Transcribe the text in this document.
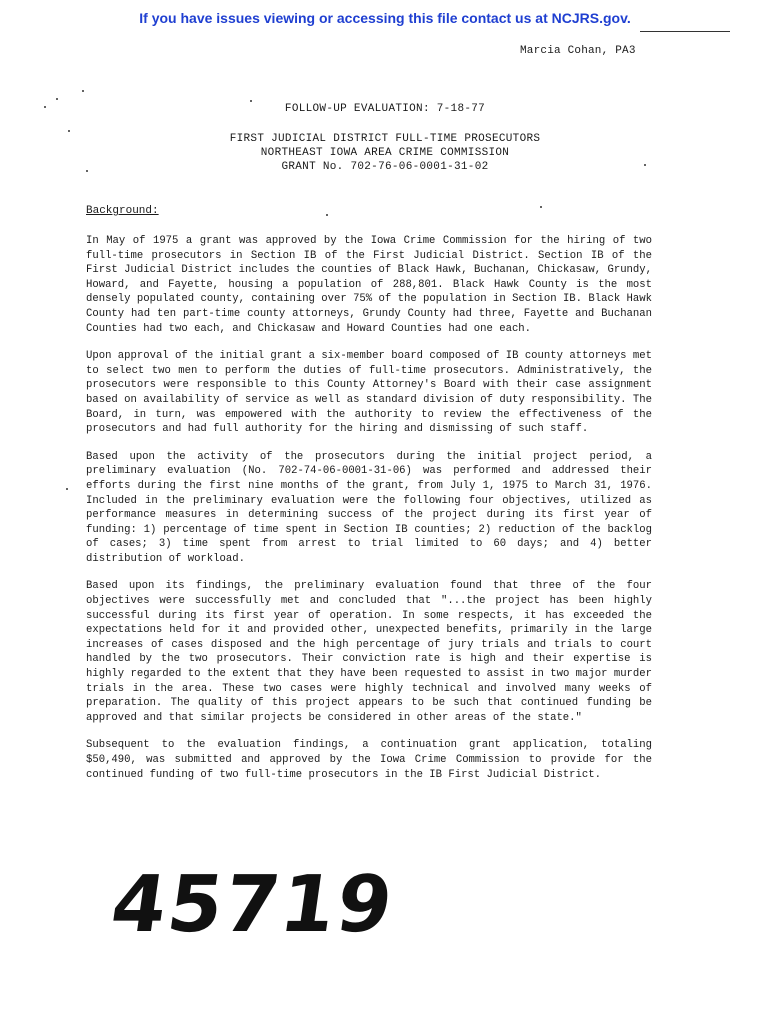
If you have issues viewing or accessing this file contact us at NCJRS.gov.
Marcia Cohan, PA3
FOLLOW-UP EVALUATION: 7-18-77
FIRST JUDICIAL DISTRICT FULL-TIME PROSECUTORS
NORTHEAST IOWA AREA CRIME COMMISSION
GRANT No. 702-76-06-0001-31-02
Background:

In May of 1975 a grant was approved by the Iowa Crime Commission for the hiring of two full-time prosecutors in Section IB of the First Judicial District. Section IB of the First Judicial District includes the counties of Black Hawk, Buchanan, Chickasaw, Grundy, Howard, and Fayette, housing a population of 288,801. Black Hawk County is the most densely populated county, containing over 75% of the population in Section IB. Black Hawk County had ten part-time county attorneys, Grundy County had three, Fayette and Buchanan Counties had two each, and Chickasaw and Howard Counties had one each.

Upon approval of the initial grant a six-member board composed of IB county attorneys met to select two men to perform the duties of full-time prosecutors. Administratively, the prosecutors were responsible to this County Attorney's Board with their case assignment based on availability of service as well as standard division of duty responsibility. The Board, in turn, was empowered with the authority to review the effectiveness of the prosecutors and had full authority for the hiring and dismissing of such staff.

Based upon the activity of the prosecutors during the initial project period, a preliminary evaluation (No. 702-74-06-0001-31-06) was performed and addressed their efforts during the first nine months of the grant, from July 1, 1975 to March 31, 1976. Included in the preliminary evaluation were the following four objectives, utilized as performance measures in determining success of the project during its first year of funding: 1) percentage of time spent in Section IB counties; 2) reduction of the backlog of cases; 3) time spent from arrest to trial limited to 60 days; and 4) better distribution of workload.

Based upon its findings, the preliminary evaluation found that three of the four objectives were successfully met and concluded that "...the project has been highly successful during its first year of operation. In some respects, it has exceeded the expectations held for it and provided other, unexpected benefits, primarily in the large increases of cases disposed and the high percentage of jury trials and trials to court handled by the two prosecutors. Their conviction rate is high and their expertise is highly regarded to the extent that they have been requested to assist in two major murder trials in the area. These two cases were highly technical and involved many weeks of preparation. The quality of this project appears to be such that continued funding be approved and that similar projects be considered in other areas of the state."

Subsequent to the evaluation findings, a continuation grant application, totaling $50,490, was submitted and approved by the Iowa Crime Commission to provide for the continued funding of two full-time prosecutors in the IB First Judicial District.

45719
